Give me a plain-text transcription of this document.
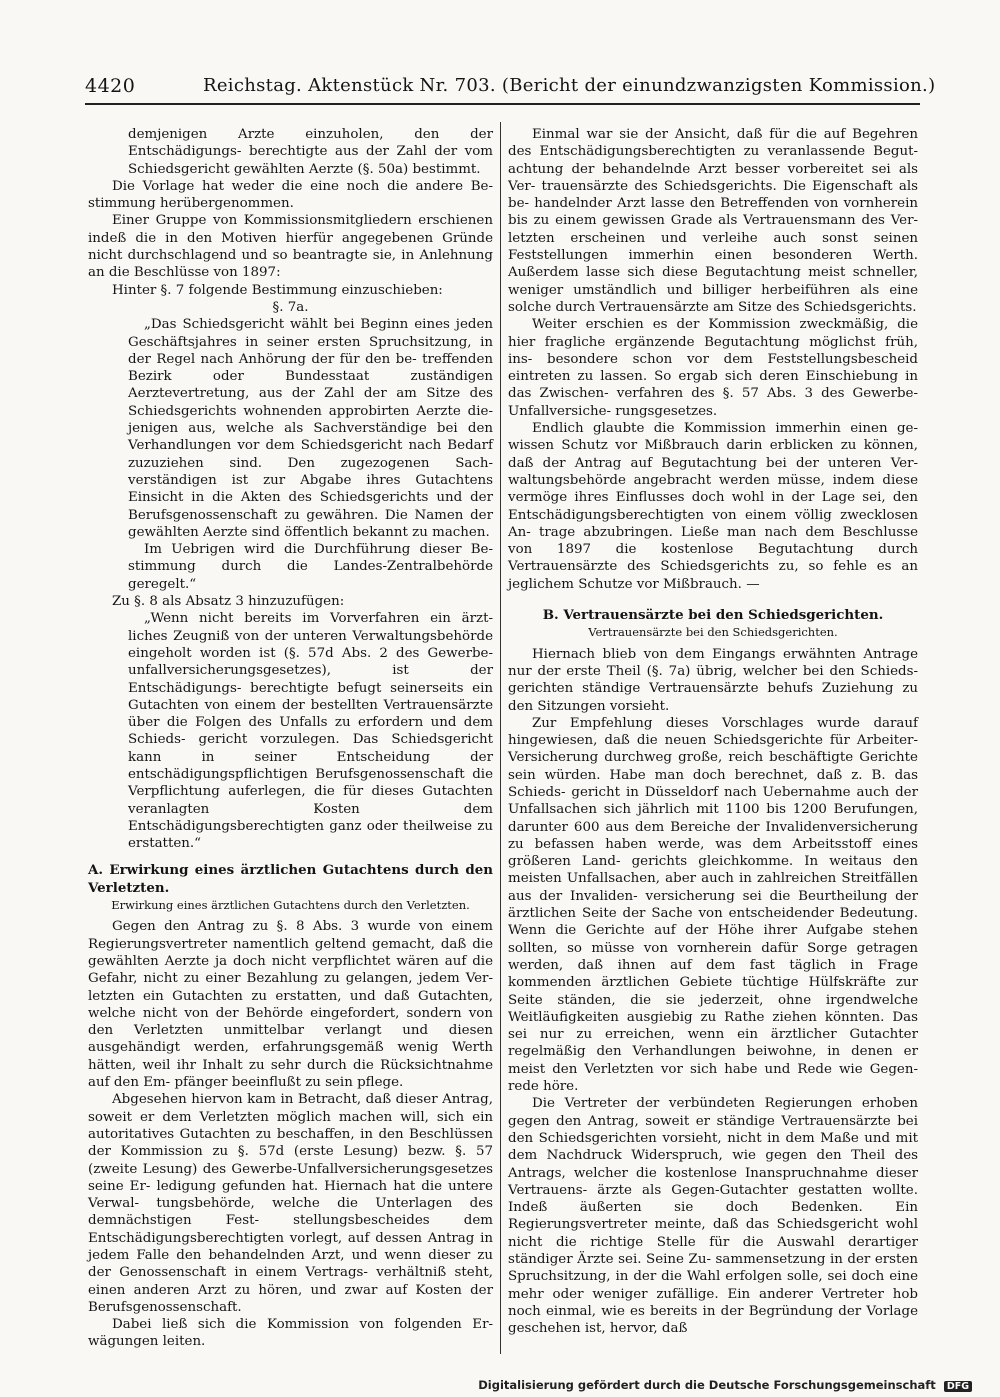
4420	Reichstag. Aktenstück Nr. 703. (Bericht der einundzwanzigsten Kommission.)

demjenigen Arzte einzuholen, den der Entschädigungs- berechtigte aus der Zahl der vom Schiedsgericht gewählten Aerzte (§. 50a) bestimmt.

Die Vorlage hat weder die eine noch die andere Be- stimmung herübergenommen.

Einer Gruppe von Kommissionsmitgliedern erschienen indeß die in den Motiven hierfür angegebenen Gründe nicht durchschlagend und so beantragte sie, in Anlehnung an die Beschlüsse von 1897:

Hinter §. 7 folgende Bestimmung einzuschieben:

§. 7a.

„Das Schiedsgericht wählt bei Beginn eines jeden Geschäftsjahres in seiner ersten Spruchsitzung, in der Regel nach Anhörung der für den be- treffenden Bezirk oder Bundesstaat zuständigen Aerztevertretung, aus der Zahl der am Sitze des Schiedsgerichts wohnenden approbirten Aerzte die- jenigen aus, welche als Sachverständige bei den Verhandlungen vor dem Schiedsgericht nach Bedarf zuzuziehen sind. Den zugezogenen Sach- verständigen ist zur Abgabe ihres Gutachtens Einsicht in die Akten des Schiedsgerichts und der Berufsgenossenschaft zu gewähren. Die Namen der gewählten Aerzte sind öffentlich bekannt zu machen.

Im Uebrigen wird die Durchführung dieser Be- stimmung durch die Landes-Zentralbehörde geregelt.“

Zu §. 8 als Absatz 3 hinzuzufügen:

„Wenn nicht bereits im Vorverfahren ein ärzt- liches Zeugniß von der unteren Verwaltungsbehörde eingeholt worden ist (§. 57d Abs. 2 des Gewerbe- unfallversicherungsgesetzes), ist der Entschädigungs- berechtigte befugt seinerseits ein Gutachten von einem der bestellten Vertrauensärzte über die Folgen des Unfalls zu erfordern und dem Schieds- gericht vorzulegen. Das Schiedsgericht kann in seiner Entscheidung der entschädigungspflichtigen Berufsgenossenschaft die Verpflichtung auferlegen, die für dieses Gutachten veranlagten Kosten dem Entschädigungsberechtigten ganz oder theilweise zu erstatten.“

A. Erwirkung eines ärztlichen Gutachtens durch den Verletzten.

Erwirkung eines ärztlichen Gutachtens durch den Verletzten.

Gegen den Antrag zu §. 8 Abs. 3 wurde von einem Regierungsvertreter namentlich geltend gemacht, daß die gewählten Aerzte ja doch nicht verpflichtet wären auf die Gefahr, nicht zu einer Bezahlung zu gelangen, jedem Ver- letzten ein Gutachten zu erstatten, und daß Gutachten, welche nicht von der Behörde eingefordert, sondern von den Verletzten unmittelbar verlangt und diesen ausgehändigt werden, erfahrungsgemäß wenig Werth hätten, weil ihr Inhalt zu sehr durch die Rücksichtnahme auf den Em- pfänger beeinflußt zu sein pflege.

Abgesehen hiervon kam in Betracht, daß dieser Antrag, soweit er dem Verletzten möglich machen will, sich ein autoritatives Gutachten zu beschaffen, in den Beschlüssen der Kommission zu §. 57d (erste Lesung) bezw. §. 57 (zweite Lesung) des Gewerbe-Unfallversicherungsgesetzes seine Er- ledigung gefunden hat. Hiernach hat die untere Verwal- tungsbehörde, welche die Unterlagen des demnächstigen Fest- stellungsbescheides dem Entschädigungsberechtigten vorlegt, auf dessen Antrag in jedem Falle den behandelnden Arzt, und wenn dieser zu der Genossenschaft in einem Vertrags- verhältniß steht, einen anderen Arzt zu hören, und zwar auf Kosten der Berufsgenossenschaft.

Dabei ließ sich die Kommission von folgenden Er- wägungen leiten.

Einmal war sie der Ansicht, daß für die auf Begehren des Entschädigungsberechtigten zu veranlassende Begut- achtung der behandelnde Arzt besser vorbereitet sei als Ver- trauensärzte des Schiedsgerichts. Die Eigenschaft als be- handelnder Arzt lasse den Betreffenden von vornherein bis zu einem gewissen Grade als Vertrauensmann des Ver- letzten erscheinen und verleihe auch sonst seinen Feststellungen immerhin einen besonderen Werth. Außerdem lasse sich diese Begutachtung meist schneller, weniger umständlich und billiger herbeiführen als eine solche durch Vertrauensärzte am Sitze des Schiedsgerichts.

Weiter erschien es der Kommission zweckmäßig, die hier fragliche ergänzende Begutachtung möglichst früh, ins- besondere schon vor dem Feststellungsbescheid eintreten zu lassen. So ergab sich deren Einschiebung in das Zwischen- verfahren des §. 57 Abs. 3 des Gewerbe-Unfallversiche- rungsgesetzes.

Endlich glaubte die Kommission immerhin einen ge- wissen Schutz vor Mißbrauch darin erblicken zu können, daß der Antrag auf Begutachtung bei der unteren Ver- waltungsbehörde angebracht werden müsse, indem diese vermöge ihres Einflusses doch wohl in der Lage sei, den Entschädigungsberechtigten von einem völlig zwecklosen An- trage abzubringen. Ließe man nach dem Beschlusse von 1897 die kostenlose Begutachtung durch Vertrauensärzte des Schiedsgerichts zu, so fehle es an jeglichem Schutze vor Mißbrauch. —

B. Vertrauensärzte bei den Schiedsgerichten.

Vertrauensärzte bei den Schiedsgerichten.

Hiernach blieb von dem Eingangs erwähnten Antrage nur der erste Theil (§. 7a) übrig, welcher bei den Schieds- gerichten ständige Vertrauensärzte behufs Zuziehung zu den Sitzungen vorsieht.

Zur Empfehlung dieses Vorschlages wurde darauf hingewiesen, daß die neuen Schiedsgerichte für Arbeiter- Versicherung durchweg große, reich beschäftigte Gerichte sein würden. Habe man doch berechnet, daß z. B. das Schieds- gericht in Düsseldorf nach Uebernahme auch der Unfallsachen sich jährlich mit 1100 bis 1200 Berufungen, darunter 600 aus dem Bereiche der Invalidenversicherung zu befassen haben werde, was dem Arbeitsstoff eines größeren Land- gerichts gleichkomme. In weitaus den meisten Unfallsachen, aber auch in zahlreichen Streitfällen aus der Invaliden- versicherung sei die Beurtheilung der ärztlichen Seite der Sache von entscheidender Bedeutung. Wenn die Gerichte auf der Höhe ihrer Aufgabe stehen sollten, so müsse von vornherein dafür Sorge getragen werden, daß ihnen auf dem fast täglich in Frage kommenden ärztlichen Gebiete tüchtige Hülfskräfte zur Seite ständen, die sie jederzeit, ohne irgendwelche Weitläufigkeiten ausgiebig zu Rathe ziehen könnten. Das sei nur zu erreichen, wenn ein ärztlicher Gutachter regelmäßig den Verhandlungen beiwohne, in denen er meist den Verletzten vor sich habe und Rede wie Gegen- rede höre.

Die Vertreter der verbündeten Regierungen erhoben gegen den Antrag, soweit er ständige Vertrauensärzte bei den Schiedsgerichten vorsieht, nicht in dem Maße und mit dem Nachdruck Widerspruch, wie gegen den Theil des Antrags, welcher die kostenlose Inanspruchnahme dieser Vertrauens- ärzte als Gegen-Gutachter gestatten wollte. Indeß äußerten sie doch Bedenken. Ein Regierungsvertreter meinte, daß das Schiedsgericht wohl nicht die richtige Stelle für die Auswahl derartiger ständiger Ärzte sei. Seine Zu- sammensetzung in der ersten Spruchsitzung, in der die Wahl erfolgen solle, sei doch eine mehr oder weniger zufällige. Ein anderer Vertreter hob noch einmal, wie es bereits in der Begründung der Vorlage geschehen ist, hervor, daß

Digitalisierung gefördert durch die Deutsche Forschungsgemeinschaft DFG
